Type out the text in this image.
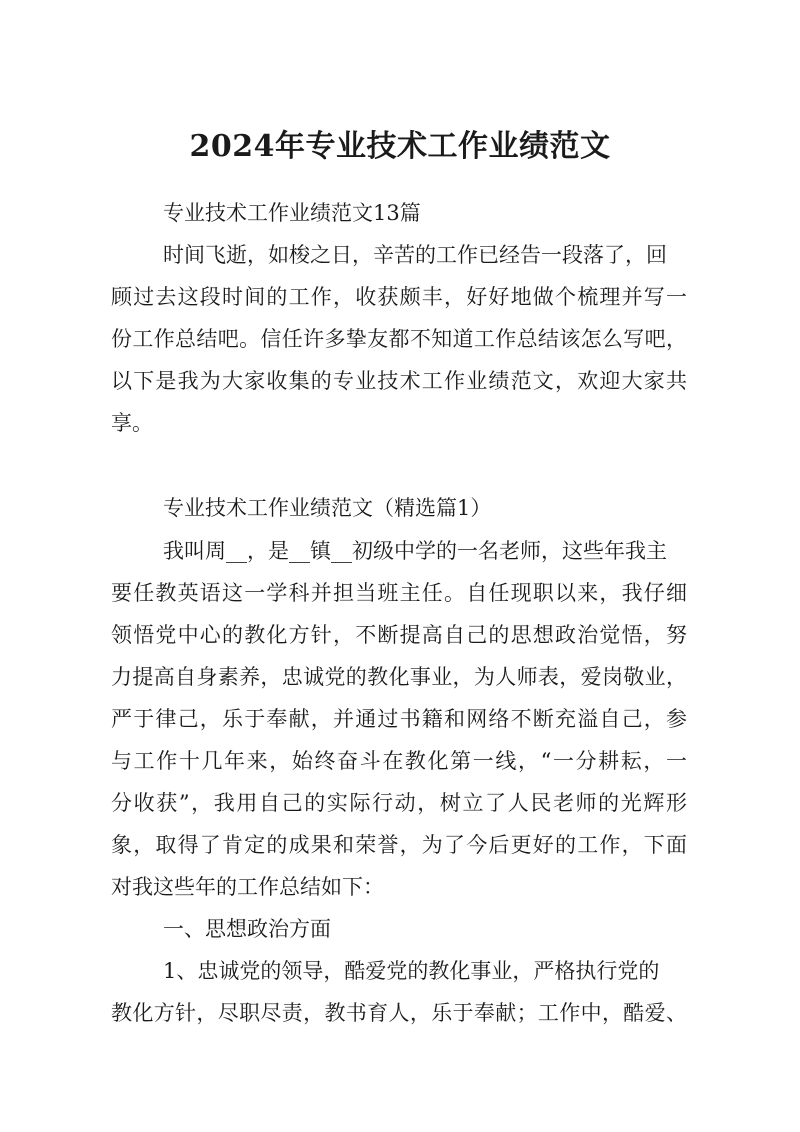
2024年专业技术工作业绩范文
专业技术工作业绩范文13篇
时间飞逝，如梭之日，辛苦的工作已经告一段落了，回
顾过去这段时间的工作，收获颇丰，好好地做个梳理并写一
份工作总结吧。信任许多挚友都不知道工作总结该怎么写吧，
以下是我为大家收集的专业技术工作业绩范文，欢迎大家共
享。
专业技术工作业绩范文（精选篇1）
我叫周__，是__镇__初级中学的一名老师，这些年我主
要任教英语这一学科并担当班主任。自任现职以来，我仔细
领悟党中心的教化方针，不断提高自己的思想政治觉悟，努
力提高自身素养，忠诚党的教化事业，为人师表，爱岗敬业，
严于律己，乐于奉献，并通过书籍和网络不断充溢自己，参
与工作十几年来，始终奋斗在教化第一线，“一分耕耘，一
分收获”，我用自己的实际行动，树立了人民老师的光辉形
象，取得了肯定的成果和荣誉，为了今后更好的工作，下面
对我这些年的工作总结如下：
一、思想政治方面
1、忠诚党的领导，酷爱党的教化事业，严格执行党的
教化方针，尽职尽责，教书育人，乐于奉献；工作中，酷爱、
